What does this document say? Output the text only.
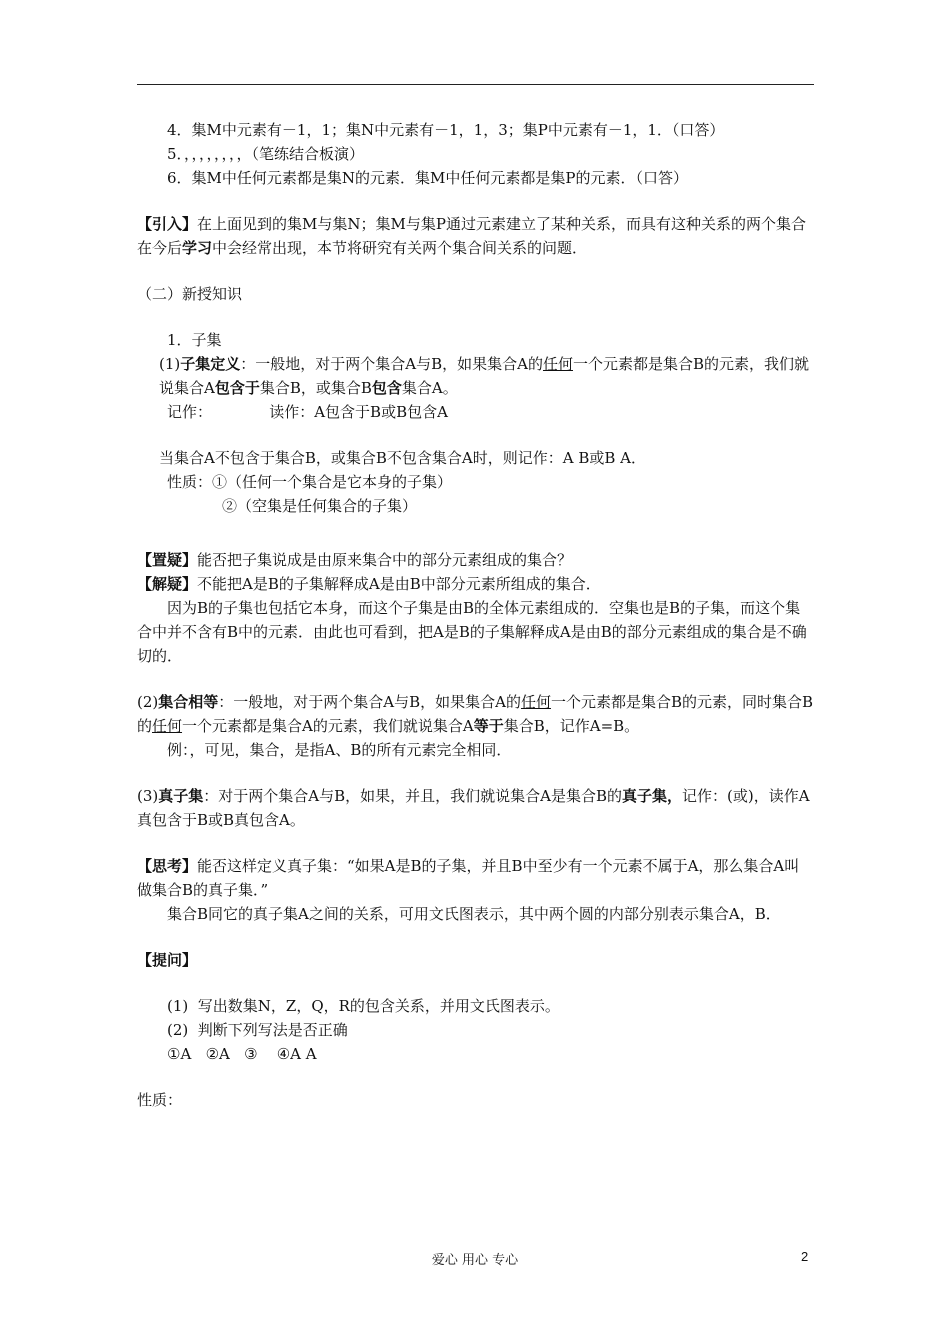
4．集M中元素有－1，1；集N中元素有－1，1，3；集P中元素有－1，1．（口答）

5．，，，，，，，，（笔练结合板演）

6．集M中任何元素都是集N的元素．集M中任何元素都是集P的元素．（口答）

【引入】在上面见到的集M与集N；集M与集P通过元素建立了某种关系，而具有这种关系的两个集合在今后学习中会经常出现，本节将研究有关两个集合间关系的问题．

（二）新授知识

1．子集

(1)子集定义：一般地，对于两个集合A与B，如果集合A的任何一个元素都是集合B的元素，我们就说集合A包含于集合B，或集合B包含集合A。

记作：            读作：A包含于B或B包含A

当集合A不包含于集合B，或集合B不包含集合A时，则记作：A B或B A．

性质：①（任何一个集合是它本身的子集）

②（空集是任何集合的子集）

【置疑】能否把子集说成是由原来集合中的部分元素组成的集合？

【解疑】不能把A是B的子集解释成A是由B中部分元素所组成的集合．

因为B的子集也包括它本身，而这个子集是由B的全体元素组成的．空集也是B的子集，而这个集合中并不含有B中的元素．由此也可看到，把A是B的子集解释成A是由B的部分元素组成的集合是不确切的．

(2)集合相等：一般地，对于两个集合A与B，如果集合A的任何一个元素都是集合B的元素，同时集合B的任何一个元素都是集合A的元素，我们就说集合A等于集合B，记作A=B。

例：，可见，集合，是指A、B的所有元素完全相同．

(3)真子集：对于两个集合A与B，如果，并且，我们就说集合A是集合B的真子集，记作：(或)，读作A真包含于B或B真包含A。

【思考】能否这样定义真子集：“如果A是B的子集，并且B中至少有一个元素不属于A，那么集合A叫做集合B的真子集．”

集合B同它的真子集A之间的关系，可用文氏图表示，其中两个圆的内部分别表示集合A，B．

【提问】

(1)  写出数集N，Z，Q，R的包含关系，并用文氏图表示。

(2)  判断下列写法是否正确

①A   ②A   ③    ④A A

性质：

爱心 用心 专心	2
